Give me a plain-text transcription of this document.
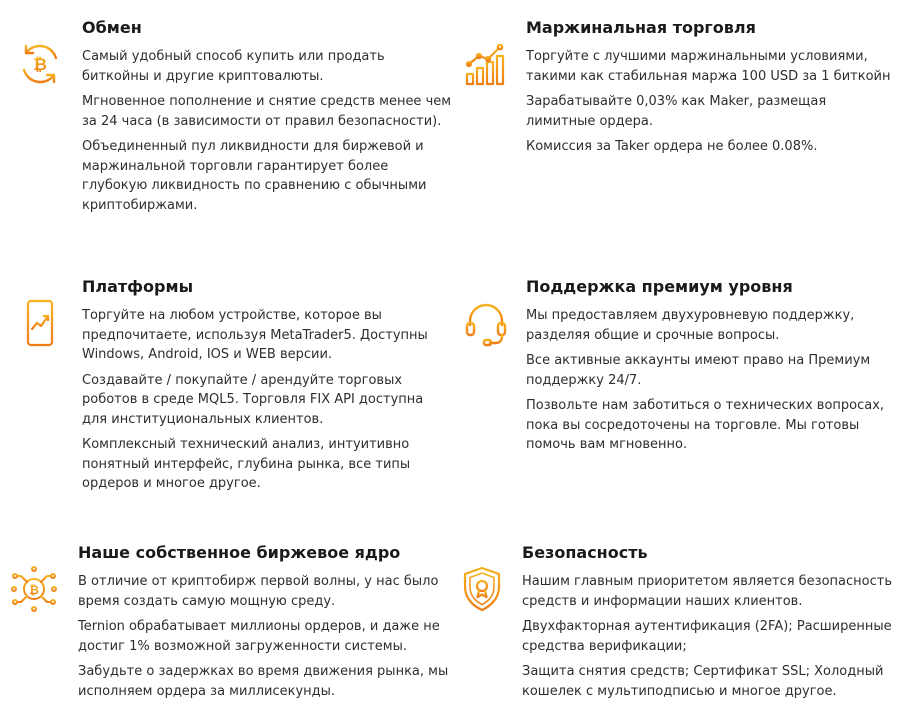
₿
Обмен

Самый удобный способ купить или продать биткойны и другие криптовалюты.

Мгновенное пополнение и снятие средств менее чем за 24 часа (в зависимости от правил безопасности).

Объединенный пул ликвидности для биржевой и маржинальной торговли гарантирует более глубокую ликвидность по сравнению с обычными криптобиржами.

Маржинальная торговля

Торгуйте с лучшими маржинальными условиями, такими как стабильная маржа 100 USD за 1 биткойн

Зарабатывайте 0,03% как Maker, размещая лимитные ордера.

Комиссия за Taker ордера не более 0.08%.

Платформы

Торгуйте на любом устройстве, которое вы предпочитаете, используя MetaTrader5. Доступны Windows, Android, IOS и WEB версии.

Создавайте / покупайте / арендуйте торговых роботов в среде MQL5. Торговля FIX API доступна для институциональных клиентов.

Комплексный технический анализ, интуитивно понятный интерфейс, глубина рынка, все типы ордеров и многое другое.

Поддержка премиум уровня

Мы предоставляем двухуровневую поддержку, разделяя общие и срочные вопросы.

Все активные аккаунты имеют право на Премиум поддержку 24/7.

Позвольте нам заботиться о технических вопросах, пока вы сосредоточены на торговле. Мы готовы помочь вам мгновенно.

₿
Наше собственное биржевое ядро

В отличие от криптобирж первой волны, у нас было время создать самую мощную среду.

Ternion обрабатывает миллионы ордеров, и даже не достиг 1% возможной загруженности системы.

Забудьте о задержках во время движения рынка, мы исполняем ордера за миллисекунды.

Безопасность

Нашим главным приоритетом является безопасность средств и информации наших клиентов.

Двухфакторная аутентификация (2FA); Расширенные средства верификации;

Защита снятия средств; Сертификат SSL; Холодный кошелек с мультиподписью и многое другое.
